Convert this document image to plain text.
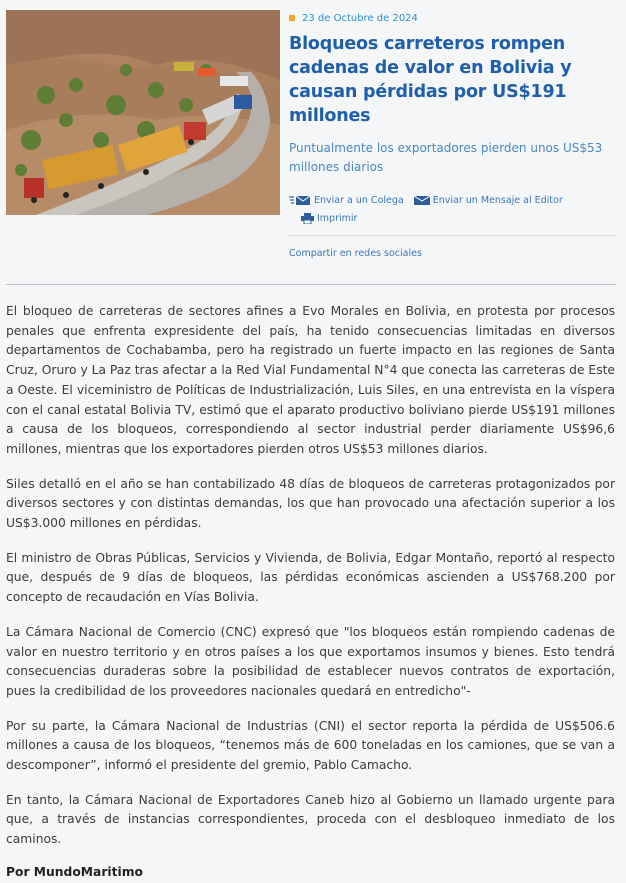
23 de Octubre de 2024
Bloqueos carreteros rompen cadenas de valor en Bolivia y causan pérdidas por US$191 millones
Puntualmente los exportadores pierden unos US$53 millones diarios
Enviar a un Colega	Enviar un Mensaje al Editor
Imprimir
Compartir en redes sociales

El bloqueo de carreteras de sectores afines a Evo Morales en Bolivia, en protesta por procesos penales que enfrenta expresidente del país, ha tenido consecuencias limitadas en diversos departamentos de Cochabamba, pero ha registrado un fuerte impacto en las regiones de Santa Cruz, Oruro y La Paz tras afectar a la Red Vial Fundamental N°4 que conecta las carreteras de Este a Oeste. El viceministro de Políticas de Industrialización, Luis Siles, en una entrevista en la víspera con el canal estatal Bolivia TV, estimó que el aparato productivo boliviano pierde US$191 millones a causa de los bloqueos, correspondiendo al sector industrial perder diariamente US$96,6 millones, mientras que los exportadores pierden otros US$53 millones diarios.

Siles detalló en el año se han contabilizado 48 días de bloqueos de carreteras protagonizados por diversos sectores y con distintas demandas, los que han provocado una afectación superior a los US$3.000 millones en pérdidas.

El ministro de Obras Públicas, Servicios y Vivienda, de Bolivia, Edgar Montaño, reportó al respecto que, después de 9 días de bloqueos, las pérdidas económicas ascienden a US$768.200 por concepto de recaudación en Vías Bolivia.

La Cámara Nacional de Comercio (CNC) expresó que "los bloqueos están rompiendo cadenas de valor en nuestro territorio y en otros países a los que exportamos insumos y bienes. Esto tendrá consecuencias duraderas sobre la posibilidad de establecer nuevos contratos de exportación, pues la credibilidad de los proveedores nacionales quedará en entredicho"-

Por su parte, la Cámara Nacional de Industrias (CNI) el sector reporta la pérdida de US$506.6 millones a causa de los bloqueos, “tenemos más de 600 toneladas en los camiones, que se van a descomponer”, informó el presidente del gremio, Pablo Camacho.

En tanto, la Cámara Nacional de Exportadores Caneb hizo al Gobierno un llamado urgente para que, a través de instancias correspondientes, proceda con el desbloqueo inmediato de los caminos.

Por MundoMaritimo
